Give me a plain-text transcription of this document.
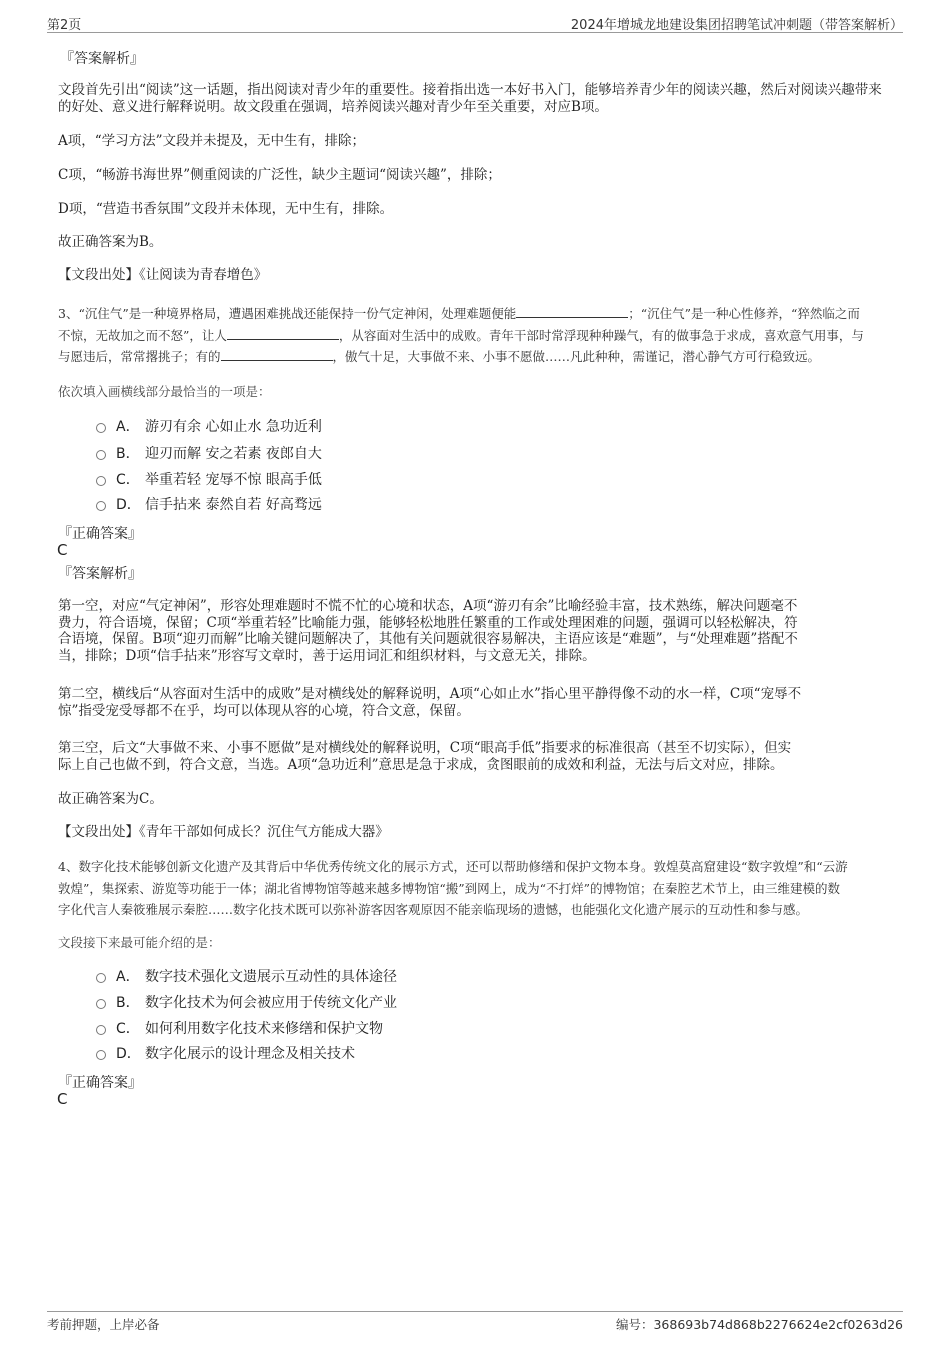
第2页	2024年增城龙地建设集团招聘笔试冲刺题（带答案解析）
『答案解析』
文段首先引出“阅读”这一话题，指出阅读对青少年的重要性。接着指出选一本好书入门，能够培养青少年的阅读兴趣，然后对阅读兴趣带来的好处、意义进行解释说明。故文段重在强调，培养阅读兴趣对青少年至关重要，对应B项。
A项，“学习方法”文段并未提及，无中生有，排除；
C项，“畅游书海世界”侧重阅读的广泛性，缺少主题词“阅读兴趣”，排除；
D项，“营造书香氛围”文段并未体现，无中生有，排除。
故正确答案为B。
【文段出处】《让阅读为青春增色》
3、“沉住气”是一种境界格局，遭遇困难挑战还能保持一份气定神闲，处理难题便能	；“沉住气”是一种心性修养，“猝然临之而
不惊，无故加之而不怒”，让人	，从容面对生活中的成败。青年干部时常浮现种种躁气，有的做事急于求成，喜欢意气用事，与
与愿违后，常常撂挑子；有的	，傲气十足，大事做不来、小事不愿做……凡此种种，需谨记，潜心静气方可行稳致远。
依次填入画横线部分最恰当的一项是：
A． 游刃有余 心如止水 急功近利
B． 迎刃而解 安之若素 夜郎自大
C． 举重若轻 宠辱不惊 眼高手低
D． 信手拈来 泰然自若 好高骛远
『正确答案』
C
『答案解析』
第一空，对应“气定神闲”，形容处理难题时不慌不忙的心境和状态，A项“游刃有余”比喻经验丰富，技术熟练，解决问题毫不
费力，符合语境，保留；C项“举重若轻”比喻能力强，能够轻松地胜任繁重的工作或处理困难的问题，强调可以轻松解决，符
合语境，保留。B项“迎刃而解”比喻关键问题解决了，其他有关问题就很容易解决，主语应该是“难题”，与“处理难题”搭配不
当，排除；D项“信手拈来”形容写文章时，善于运用词汇和组织材料，与文意无关，排除。
第二空，横线后“从容面对生活中的成败”是对横线处的解释说明，A项“心如止水”指心里平静得像不动的水一样，C项“宠辱不
惊”指受宠受辱都不在乎，均可以体现从容的心境，符合文意，保留。
第三空，后文“大事做不来、小事不愿做”是对横线处的解释说明，C项“眼高手低”指要求的标准很高（甚至不切实际），但实
际上自己也做不到，符合文意，当选。A项“急功近利”意思是急于求成，贪图眼前的成效和利益，无法与后文对应，排除。
故正确答案为C。
【文段出处】《青年干部如何成长？沉住气方能成大器》
4、数字化技术能够创新文化遗产及其背后中华优秀传统文化的展示方式，还可以帮助修缮和保护文物本身。敦煌莫高窟建设“数字敦煌”和“云游
敦煌”，集探索、游览等功能于一体；湖北省博物馆等越来越多博物馆“搬”到网上，成为“不打烊”的博物馆；在秦腔艺术节上，由三维建模的数
字化代言人秦筱雅展示秦腔……数字化技术既可以弥补游客因客观原因不能亲临现场的遗憾，也能强化文化遗产展示的互动性和参与感。
文段接下来最可能介绍的是：
A． 数字技术强化文遗展示互动性的具体途径
B． 数字化技术为何会被应用于传统文化产业
C． 如何利用数字化技术来修缮和保护文物
D． 数字化展示的设计理念及相关技术
『正确答案』
C
考前押题，上岸必备	编号：368693b74d868b2276624e2cf0263d26
